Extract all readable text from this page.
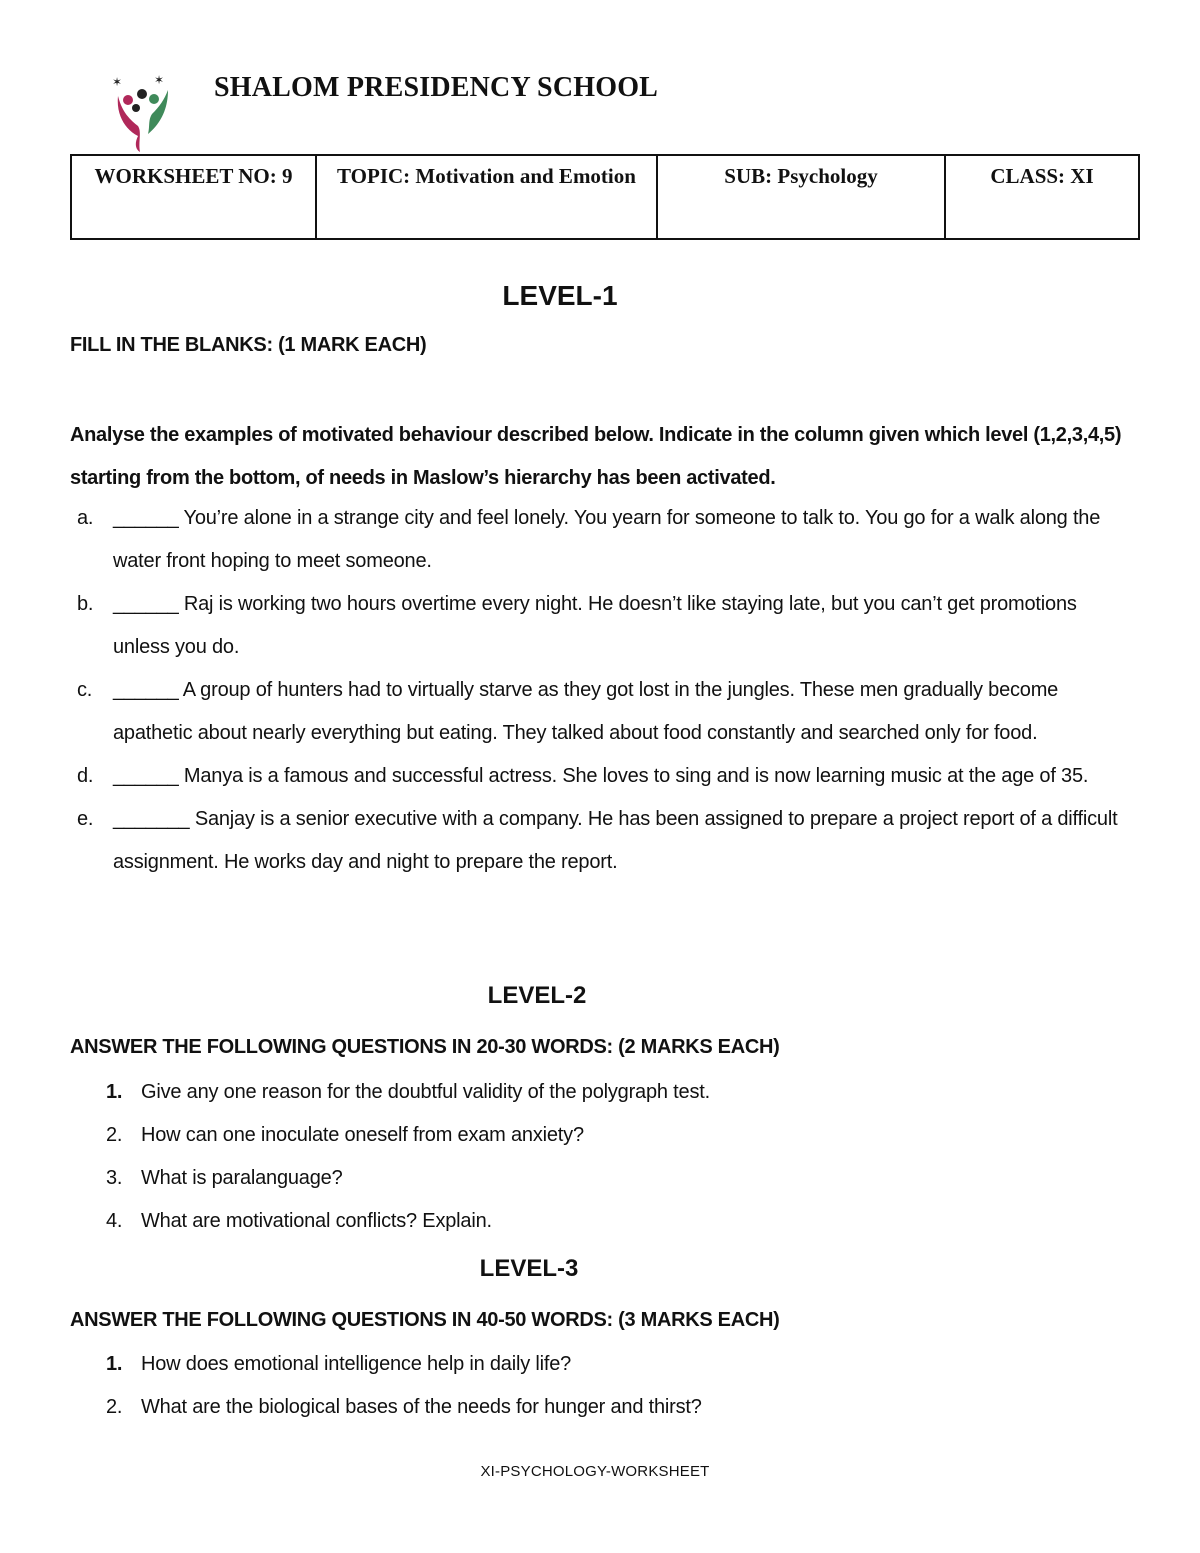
✶	✶ SHALOM PRESIDENCY SCHOOL
WORKSHEET NO: 9	TOPIC: Motivation and Emotion	SUB: Psychology	CLASS: XI
LEVEL-1
FILL IN THE BLANKS: (1 MARK EACH)
Analyse the examples of motivated behaviour described below. Indicate in the column given which level (1,2,3,4,5) starting from the bottom, of needs in Maslow’s hierarchy has been activated.
a. ______ You’re alone in a strange city and feel lonely. You yearn for someone to talk to. You go for a walk along the water front hoping to meet someone.
b. ______ Raj is working two hours overtime every night. He doesn’t like staying late, but you can’t get promotions unless you do.
c. ______ A group of hunters had to virtually starve as they got lost in the jungles. These men gradually become apathetic about nearly everything but eating. They talked about food constantly and searched only for food.
d. ______ Manya is a famous and successful actress. She loves to sing and is now learning music at the age of 35.
e. _______ Sanjay is a senior executive with a company. He has been assigned to prepare a project report of a difficult assignment. He works day and night to prepare the report.
LEVEL-2
ANSWER THE FOLLOWING QUESTIONS IN 20-30 WORDS: (2 MARKS EACH)
1. Give any one reason for the doubtful validity of the polygraph test.
2. How can one inoculate oneself from exam anxiety?
3. What is paralanguage?
4. What are motivational conflicts? Explain.
LEVEL-3
ANSWER THE FOLLOWING QUESTIONS IN 40-50 WORDS: (3 MARKS EACH)
1. How does emotional intelligence help in daily life?
2. What are the biological bases of the needs for hunger and thirst?
XI-PSYCHOLOGY-WORKSHEET
